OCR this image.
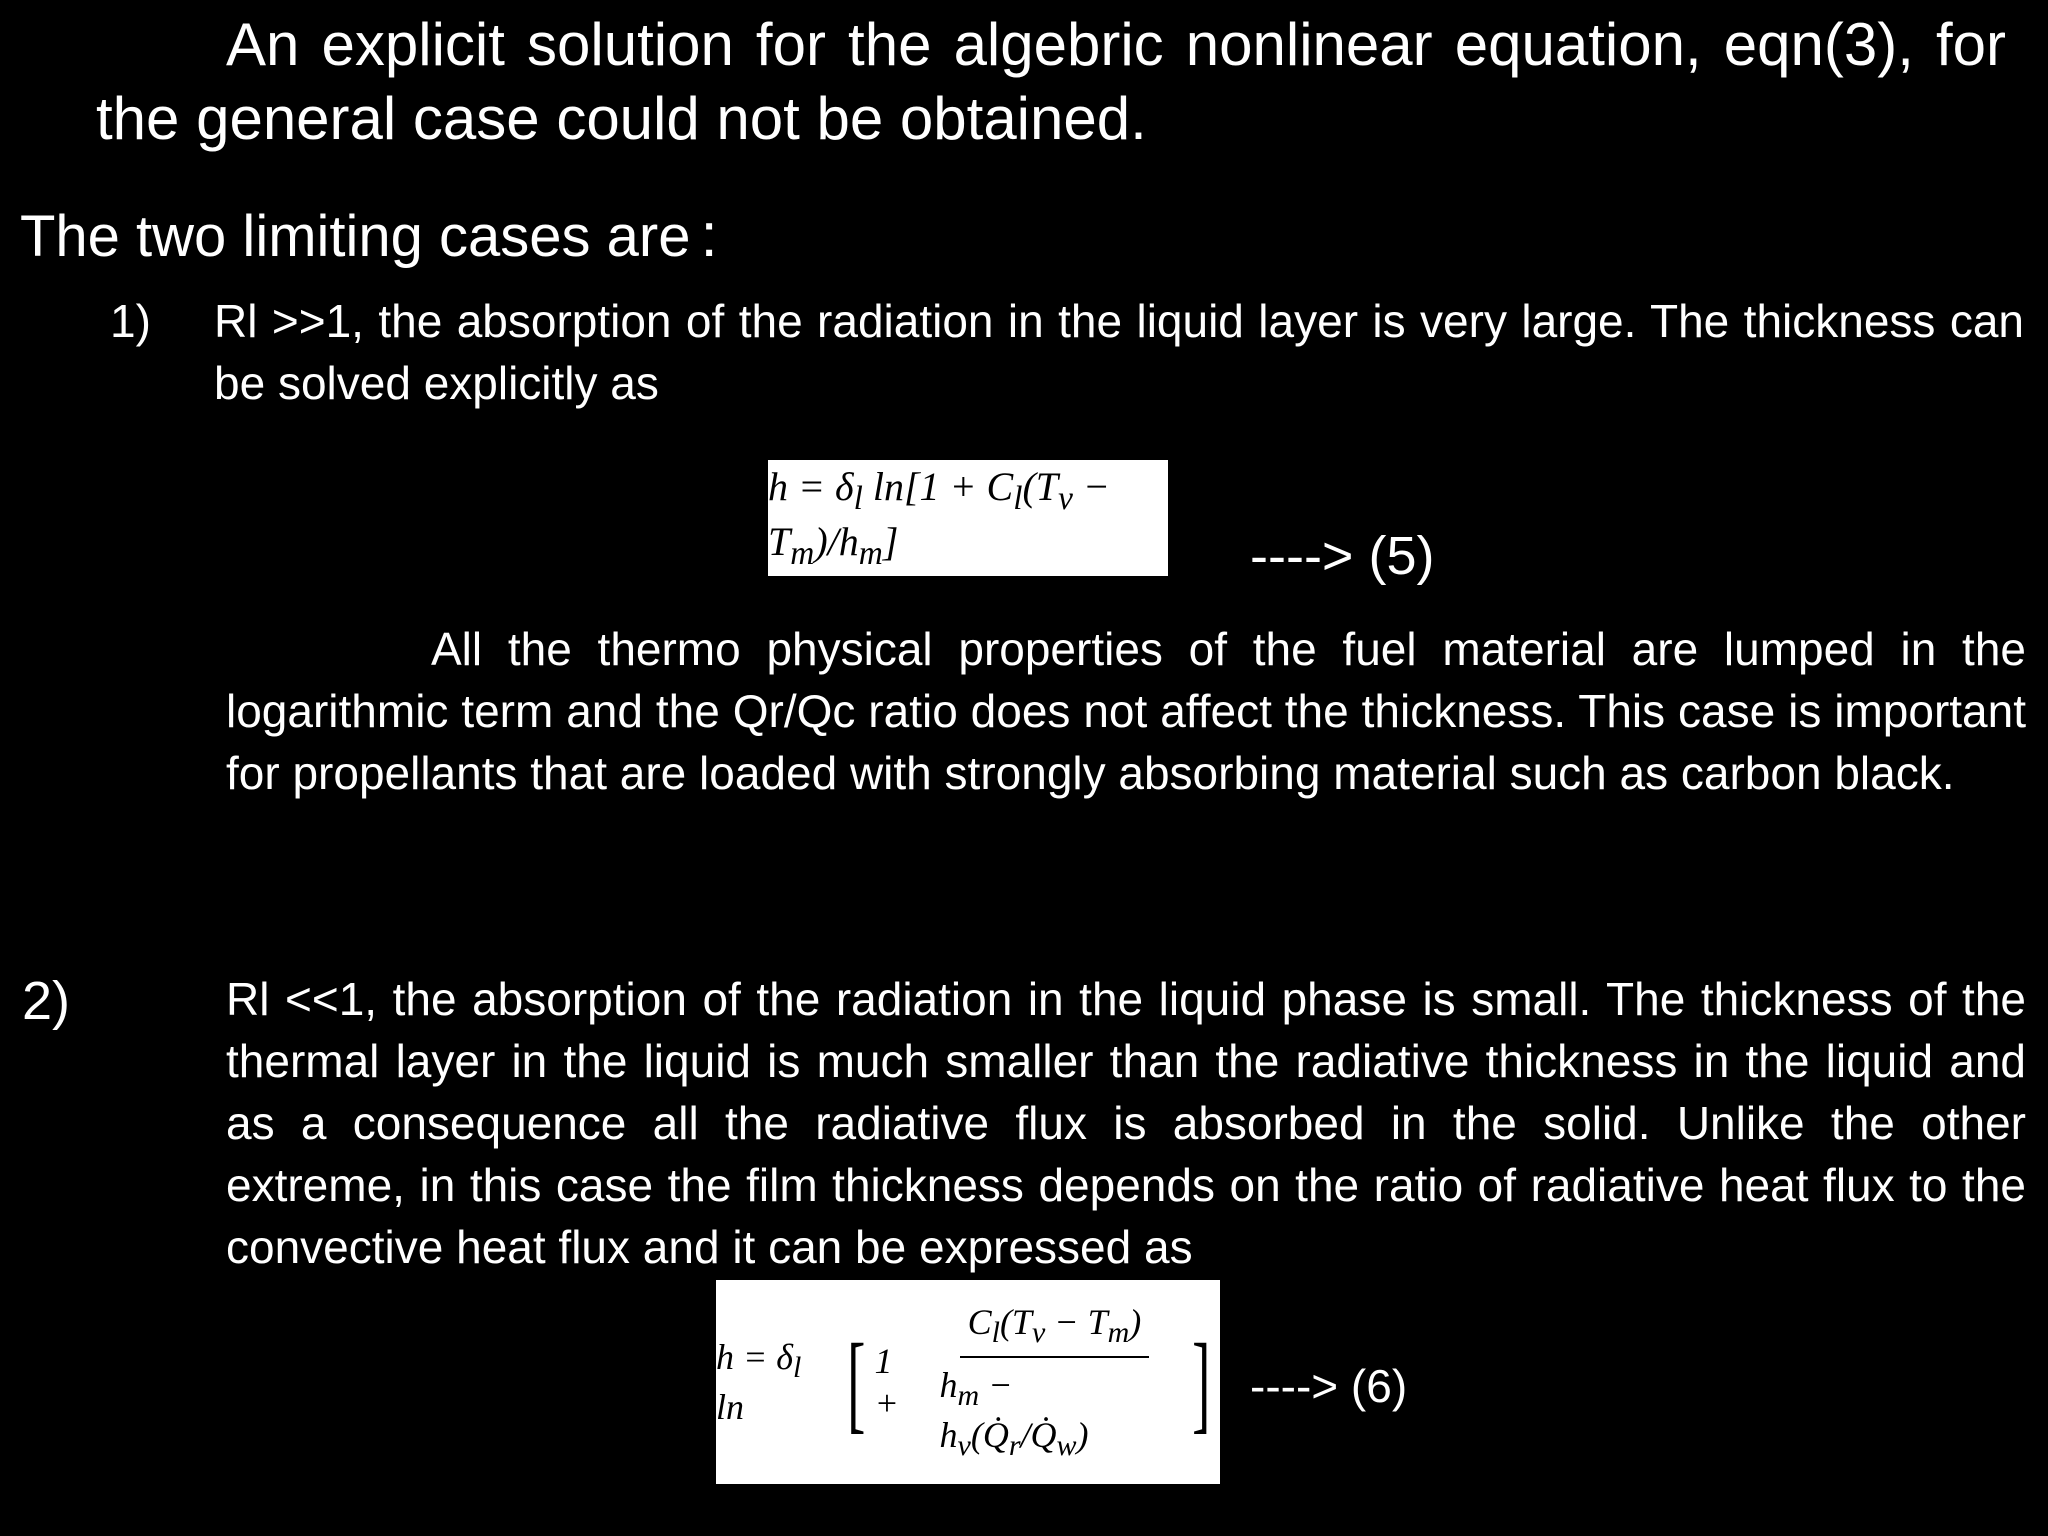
An explicit solution for the algebric nonlinear equation, eqn(3), for the general case could not be obtained.
The two limiting cases are :
1) Rl >>1, the absorption of the radiation in the liquid layer is very large. The thickness can be solved explicitly as
$h = \delta_l$ $\ln[1 + C_l(T_v - T_m)/h_m]$	----> (5)
All the thermo physical properties of the fuel material are lumped in the logarithmic term and the Qr/Qc ratio does not affect the thickness. This case is important for propellants that are loaded with strongly absorbing material such as carbon black.
2)	Rl <<1, the absorption of the radiation in the liquid phase is small. The thickness of the thermal layer in the liquid is much smaller than the radiative thickness in the liquid and as a consequence all the radiative flux is absorbed in the solid. Unlike the other extreme, in this case the film thickness depends on the ratio of radiative heat flux to the convective heat flux and it can be expressed as
$h = \delta_l$ ln [ $1 + \frac{C_l(T_v - T_m)}{h_m - h_v(Q̇_r/Q̇_w)}$ ] ----> (6)
